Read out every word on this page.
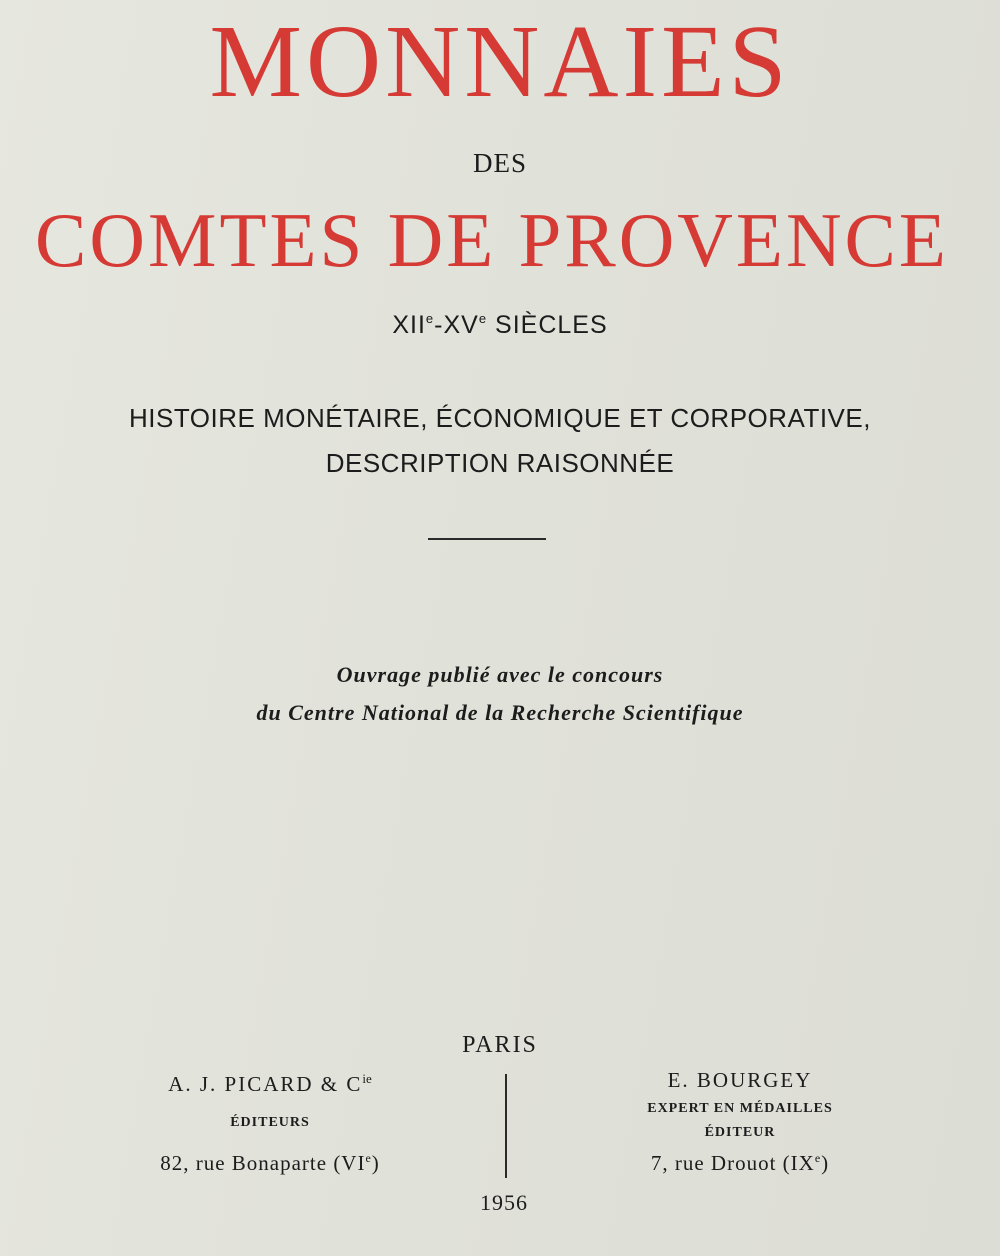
MONNAIES
DES
COMTES DE PROVENCE
XIIe-XVe SIÈCLES
HISTOIRE MONÉTAIRE, ÉCONOMIQUE ET CORPORATIVE,
DESCRIPTION RAISONNÉE
Ouvrage publié avec le concours
du Centre National de la Recherche Scientifique
PARIS
A. J. PICARD & $C^{ie}$
ÉDITEURS
82, rue Bonaparte (VIe)
E. BOURGEY
EXPERT EN MÉDAILLES
ÉDITEUR
7, rue Drouot (IXe)
1956
